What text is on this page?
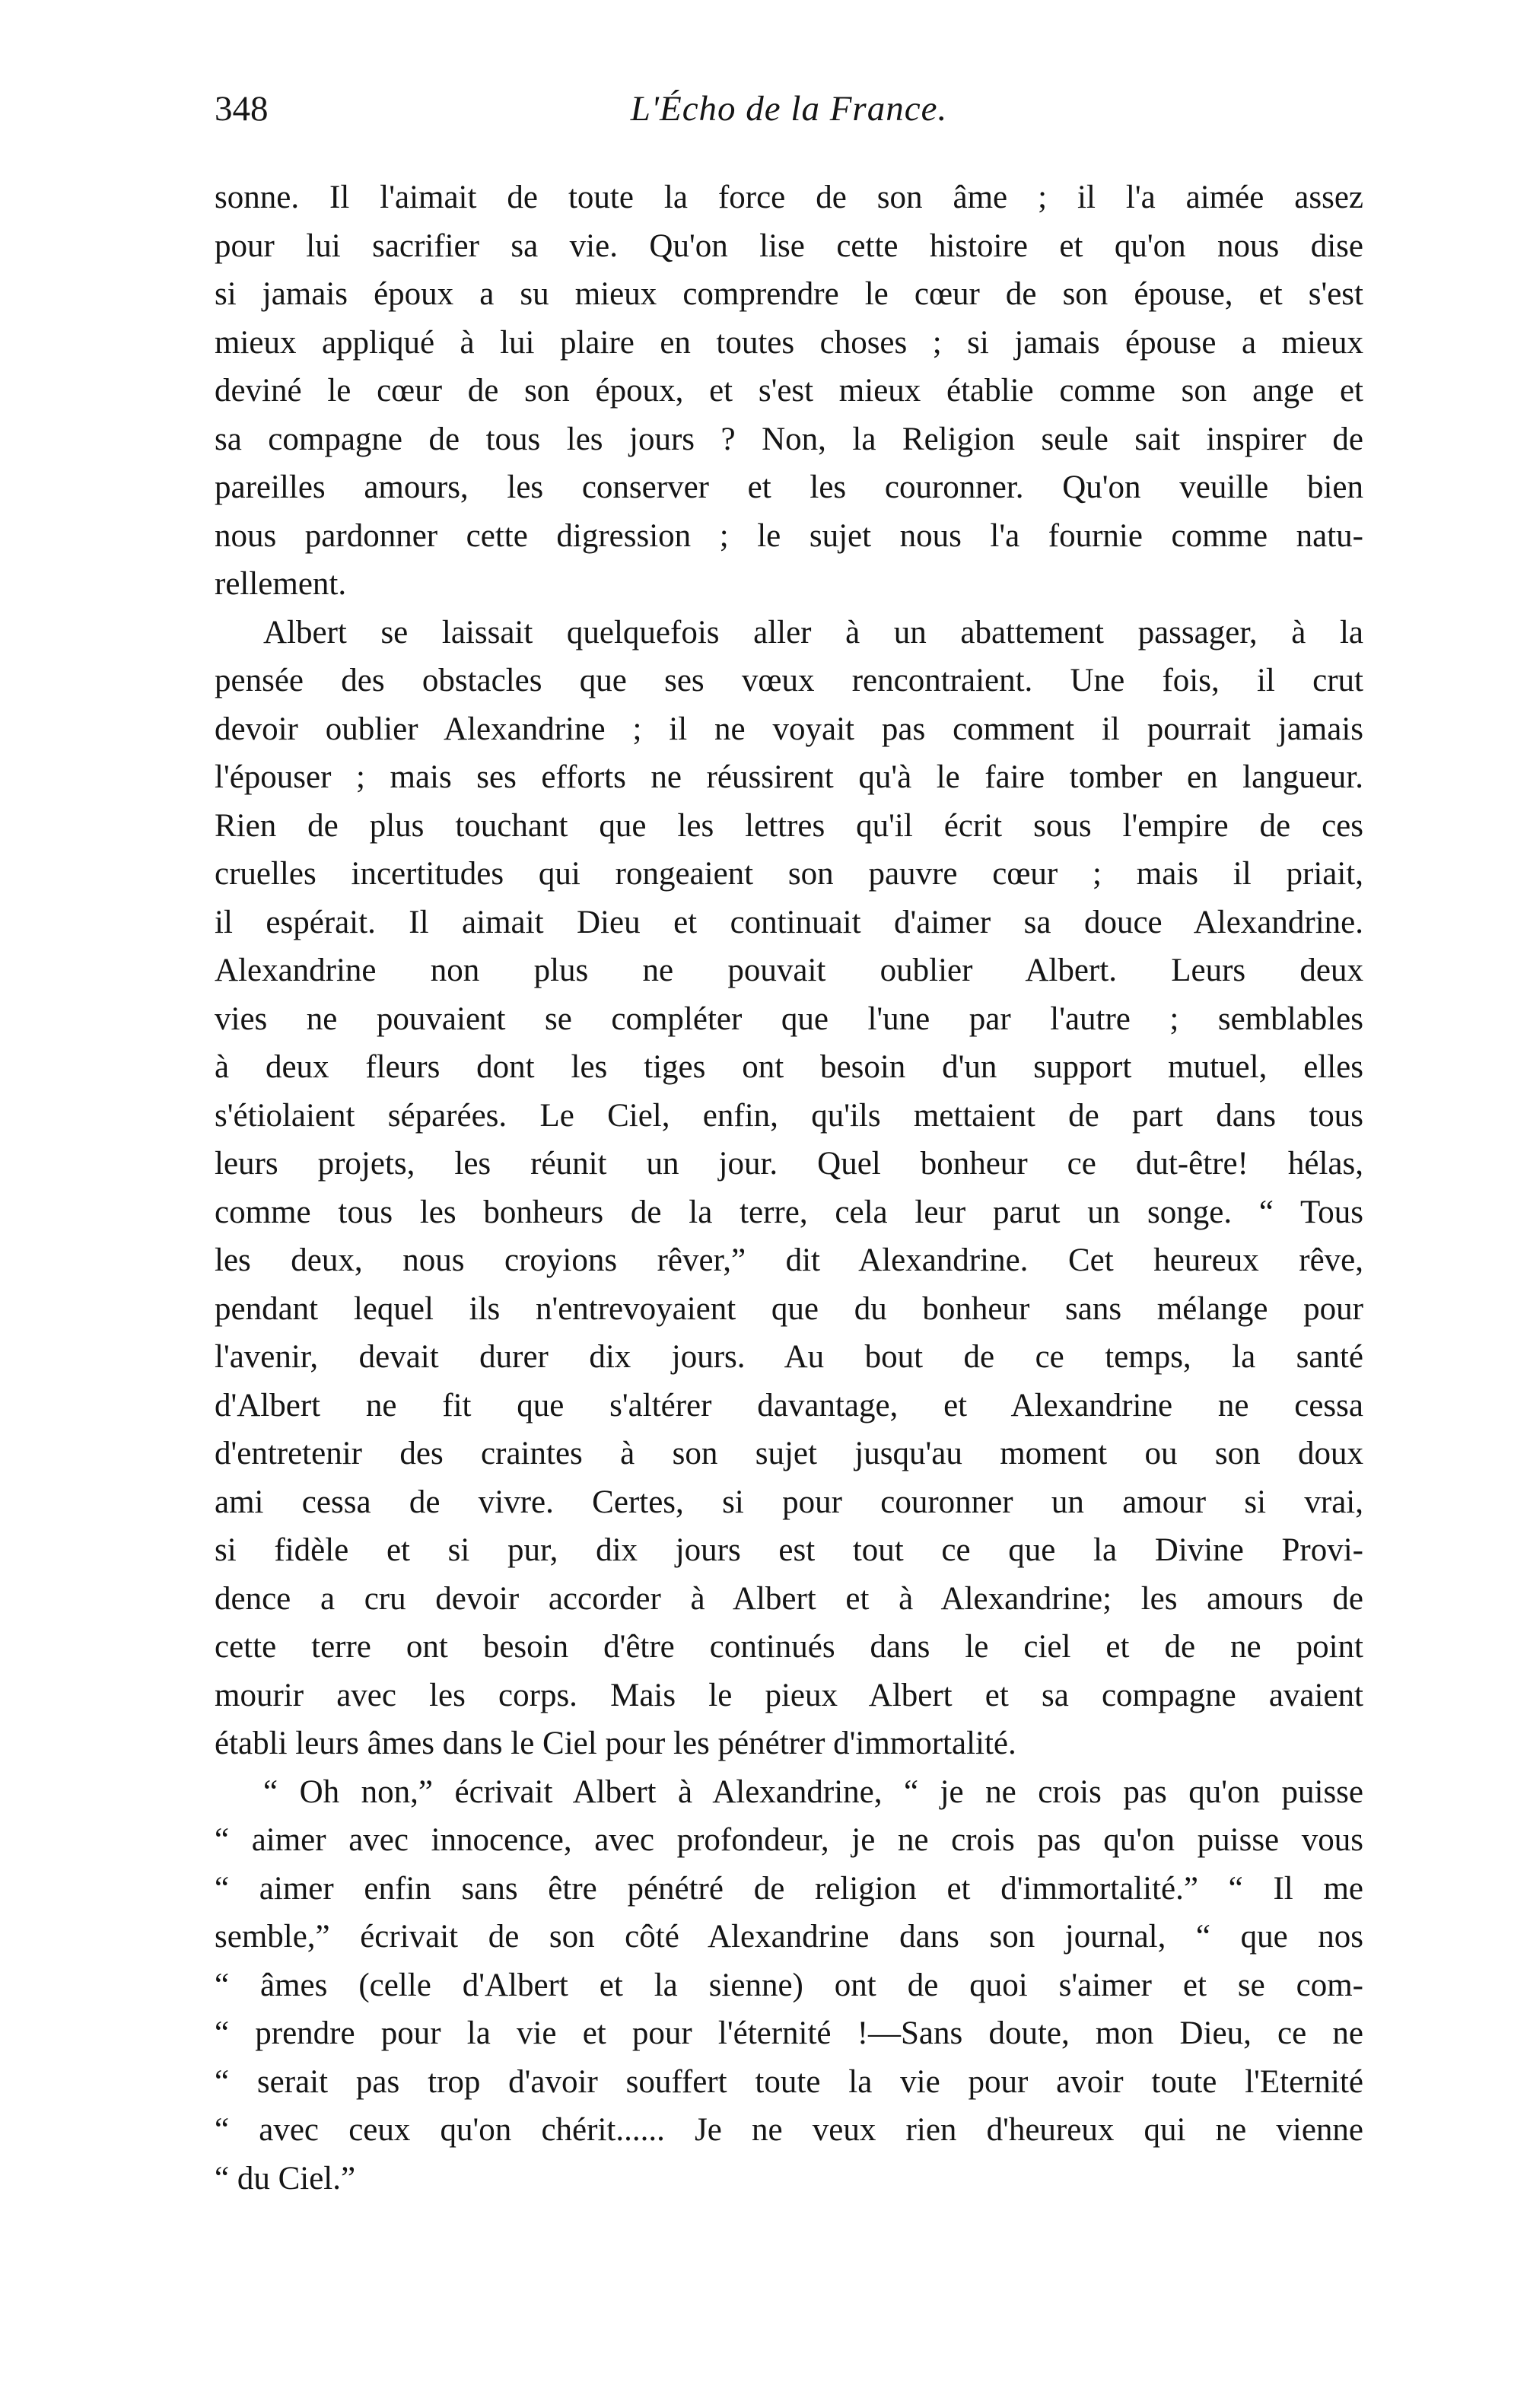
348	L'Écho de la France.
sonne. Il l'aimait de toute la force de son âme ; il l'a aimée assez
pour lui sacrifier sa vie. Qu'on lise cette histoire et qu'on nous dise
si jamais époux a su mieux comprendre le cœur de son épouse, et s'est
mieux appliqué à lui plaire en toutes choses ; si jamais épouse a mieux
deviné le cœur de son époux, et s'est mieux établie comme son ange et
sa compagne de tous les jours ? Non, la Religion seule sait inspirer de
pareilles amours, les conserver et les couronner. Qu'on veuille bien
nous pardonner cette digression ; le sujet nous l'a fournie comme natu-
rellement.
Albert se laissait quelquefois aller à un abattement passager, à la
pensée des obstacles que ses vœux rencontraient. Une fois, il crut
devoir oublier Alexandrine ; il ne voyait pas comment il pourrait jamais
l'épouser ; mais ses efforts ne réussirent qu'à le faire tomber en langueur.
Rien de plus touchant que les lettres qu'il écrit sous l'empire de ces
cruelles incertitudes qui rongeaient son pauvre cœur ; mais il priait,
il espérait. Il aimait Dieu et continuait d'aimer sa douce Alexandrine.
Alexandrine non plus ne pouvait oublier Albert. Leurs deux
vies ne pouvaient se compléter que l'une par l'autre ; semblables
à deux fleurs dont les tiges ont besoin d'un support mutuel, elles
s'étiolaient séparées. Le Ciel, enfin, qu'ils mettaient de part dans tous
leurs projets, les réunit un jour. Quel bonheur ce dut-être! hélas,
comme tous les bonheurs de la terre, cela leur parut un songe. “ Tous
les deux, nous croyions rêver,” dit Alexandrine. Cet heureux rêve,
pendant lequel ils n'entrevoyaient que du bonheur sans mélange pour
l'avenir, devait durer dix jours. Au bout de ce temps, la santé
d'Albert ne fit que s'altérer davantage, et Alexandrine ne cessa
d'entretenir des craintes à son sujet jusqu'au moment ou son doux
ami cessa de vivre. Certes, si pour couronner un amour si vrai,
si fidèle et si pur, dix jours est tout ce que la Divine Provi-
dence a cru devoir accorder à Albert et à Alexandrine; les amours de
cette terre ont besoin d'être continués dans le ciel et de ne point
mourir avec les corps. Mais le pieux Albert et sa compagne avaient
établi leurs âmes dans le Ciel pour les pénétrer d'immortalité.
“ Oh non,” écrivait Albert à Alexandrine, “ je ne crois pas qu'on puisse
“ aimer avec innocence, avec profondeur, je ne crois pas qu'on puisse vous
“ aimer enfin sans être pénétré de religion et d'immortalité.” “ Il me
semble,” écrivait de son côté Alexandrine dans son journal, “ que nos
“ âmes (celle d'Albert et la sienne) ont de quoi s'aimer et se com-
“ prendre pour la vie et pour l'éternité !—Sans doute, mon Dieu, ce ne
“ serait pas trop d'avoir souffert toute la vie pour avoir toute l'Eternité
“ avec ceux qu'on chérit...... Je ne veux rien d'heureux qui ne vienne
“ du Ciel.”
